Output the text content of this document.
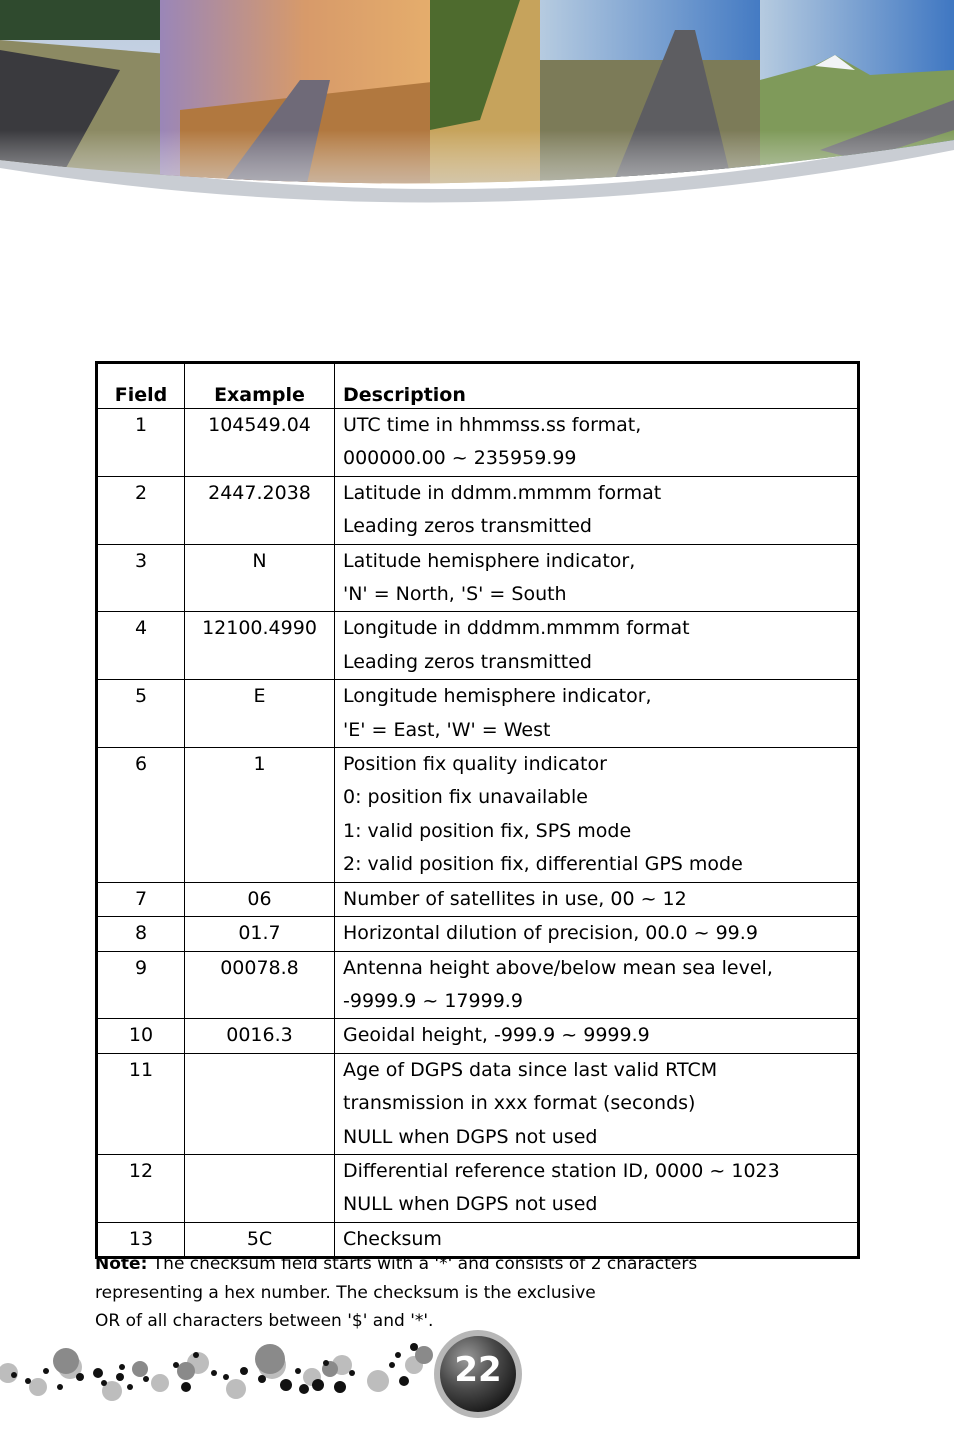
Field	Example	Description
1	104549.04	UTC time in hhmmss.ss format,
000000.00 ~ 235959.99

2	2447.2038	Latitude in ddmm.mmmm format
Leading zeros transmitted

3	N	Latitude hemisphere indicator,
'N' = North, 'S' = South

4	12100.4990	Longitude in dddmm.mmmm format
Leading zeros transmitted

5	E	Longitude hemisphere indicator,
'E' = East, 'W' = West

6	1	Position fix quality indicator
0: position fix unavailable
1: valid position fix, SPS mode
2: valid position fix, differential GPS mode

7	06	Number of satellites in use, 00 ~ 12

8	01.7	Horizontal dilution of precision, 00.0 ~ 99.9

9	00078.8	Antenna height above/below mean sea level,
-9999.9 ~ 17999.9

10	0016.3	Geoidal height, -999.9 ~ 9999.9

11		Age of DGPS data since last valid RTCM
transmission in xxx format (seconds)
NULL when DGPS not used

12		Differential reference station ID, 0000 ~ 1023
NULL when DGPS not used

13	5C	Checksum
Note: The checksum field starts with a '*' and consists of 2 characters
representing a hex number. The checksum is the exclusive
OR of all characters between '$' and '*'.
22
